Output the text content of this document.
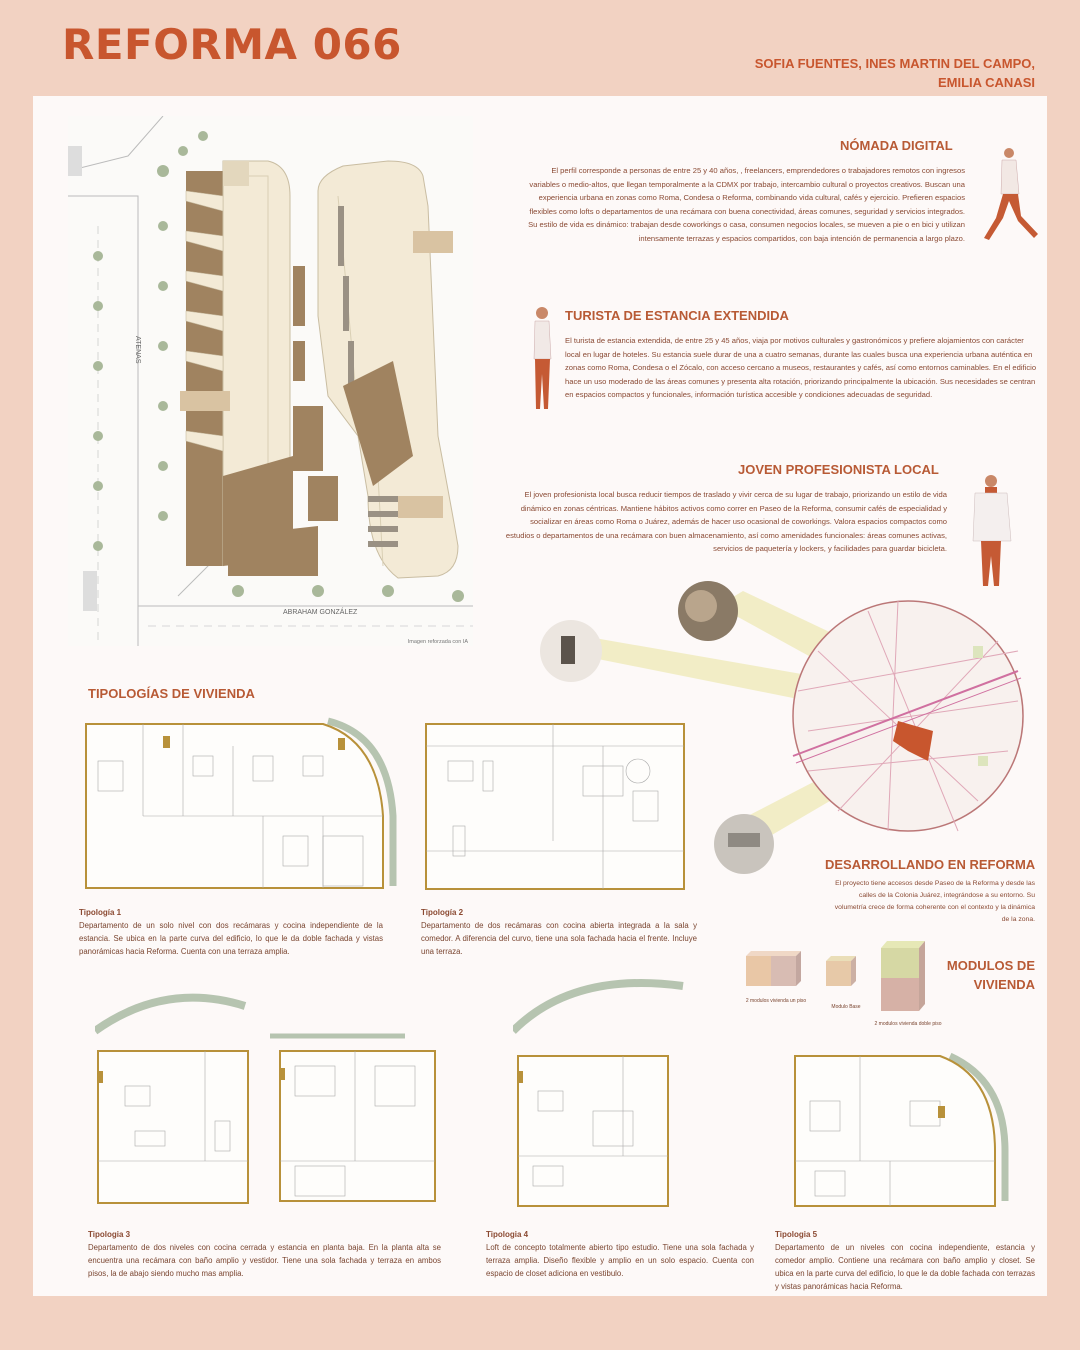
REFORMA 066	SOFIA FUENTES, INES MARTIN DEL CAMPO, EMILIA CANASI
ATENAS
ABRAHAM GONZÁLEZ
Imagen reforzada con IA
NÓMADA DIGITAL
El perfil corresponde a personas de entre 25 y 40 años, , freelancers, emprendedores o trabajadores remotos con ingresos variables o medio-altos, que llegan temporalmente a la CDMX por trabajo, intercambio cultural o proyectos creativos. Buscan una experiencia urbana en zonas como Roma, Condesa o Reforma, combinando vida cultural, cafés y ejercicio. Prefieren espacios flexibles como lofts o departamentos de una recámara con buena conectividad, áreas comunes, seguridad y servicios integrados. Su estilo de vida es dinámico: trabajan desde coworkings o casa, consumen negocios locales, se mueven a pie o en bici y utilizan intensamente terrazas y espacios compartidos, con baja intención de permanencia a largo plazo.
TURISTA DE ESTANCIA EXTENDIDA
El turista de estancia extendida, de entre 25 y 45 años, viaja por motivos culturales y gastronómicos y prefiere alojamientos con carácter local en lugar de hoteles. Su estancia suele durar de una a cuatro semanas, durante las cuales busca una experiencia urbana auténtica en zonas como Roma, Condesa o el Zócalo, con acceso cercano a museos, restaurantes y cafés, así como entornos caminables. En el edificio hace un uso moderado de las áreas comunes y presenta alta rotación, priorizando principalmente la ubicación. Sus necesidades se centran en espacios compactos y funcionales, información turística accesible y condiciones adecuadas de seguridad.
JOVEN PROFESIONISTA LOCAL
El joven profesionista local busca reducir tiempos de traslado y vivir cerca de su lugar de trabajo, priorizando un estilo de vida dinámico en zonas céntricas. Mantiene hábitos activos como correr en Paseo de la Reforma, consumir cafés de especialidad y socializar en áreas como Roma o Juárez, además de hacer uso ocasional de coworkings. Valora espacios compactos como estudios o departamentos de una recámara con buen almacenamiento, así como amenidades funcionales: áreas comunes activas, servicios de paquetería y lockers, y facilidades para guardar bicicleta.
DESARROLLANDO EN REFORMA
El proyecto tiene accesos desde Paseo de la Reforma y desde las calles de la Colonia Juárez, integrándose a su entorno. Su volumetría crece de forma coherente con el contexto y la dinámica de la zona.
2 modulos vivienda un piso
Modulo Base
2 modulos vivienda doble piso
MODULOS DE VIVIENDA
TIPOLOGÍAS DE VIVIENDA
Tipología 1
Departamento de un solo nivel con dos recámaras y cocina independiente de la estancia. Se ubica en la parte curva del edificio, lo que le da doble fachada y vistas panorámicas hacia Reforma. Cuenta con una terraza amplia.
Tipología 2
Departamento de dos recámaras con cocina abierta integrada a la sala y comedor. A diferencia del curvo, tiene una sola fachada hacia el frente. Incluye una terraza.
Tipologia 3
Departamento de dos niveles con cocina cerrada y estancia en planta baja. En la planta alta se encuentra una recámara con baño amplio y vestidor. Tiene una sola fachada y terraza en ambos pisos, la de abajo siendo mucho mas amplia.
Tipologia 4
Loft de concepto totalmente abierto tipo estudio. Tiene una sola fachada y terraza amplia. Diseño flexible y amplio en un solo espacio. Cuenta con espacio de closet adiciona en vestibulo.
Tipologia 5
Departamento de un niveles con cocina independiente, estancia y comedor amplio. Contiene una recámara con baño amplio y closet. Se ubica en la parte curva del edificio, lo que le da doble fachada con terrazas y vistas panorámicas hacia Reforma.
